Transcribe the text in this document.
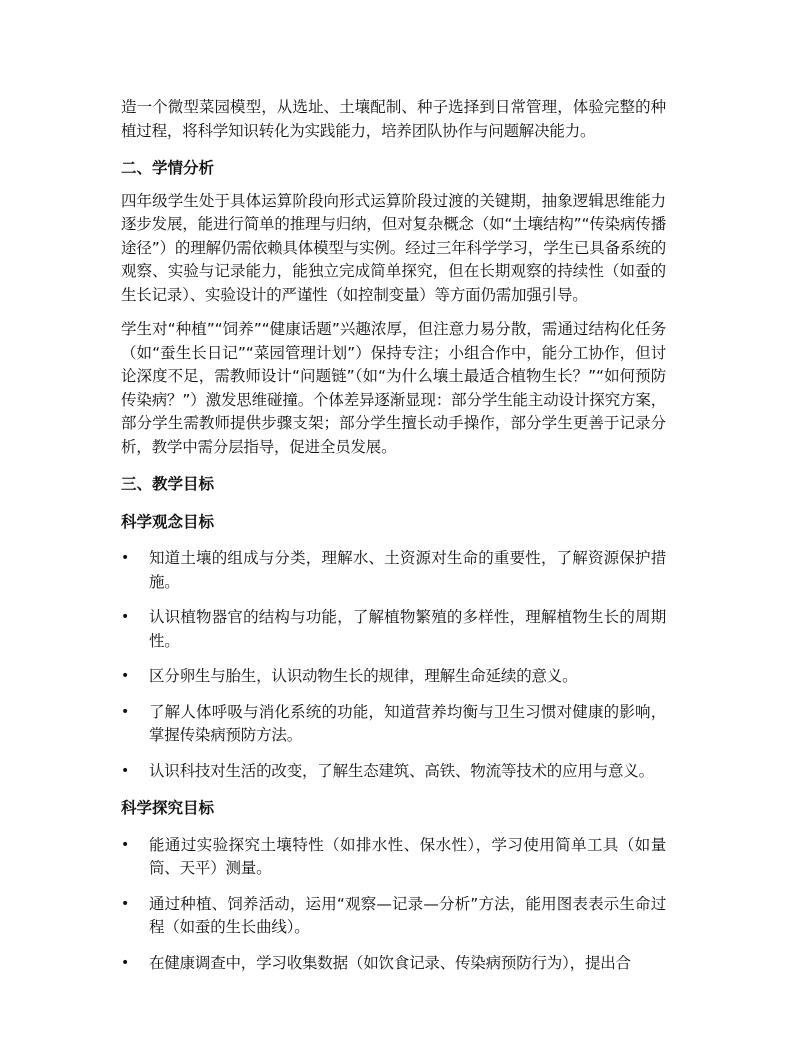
造一个微型菜园模型，从选址、土壤配制、种子选择到日常管理，体验完整的种植过程，将科学知识转化为实践能力，培养团队协作与问题解决能力。

二、学情分析

四年级学生处于具体运算阶段向形式运算阶段过渡的关键期，抽象逻辑思维能力逐步发展，能进行简单的推理与归纳，但对复杂概念（如“土壤结构”“传染病传播途径”）的理解仍需依赖具体模型与实例。经过三年科学学习，学生已具备系统的观察、实验与记录能力，能独立完成简单探究，但在长期观察的持续性（如蚕的生长记录）、实验设计的严谨性（如控制变量）等方面仍需加强引导。

学生对“种植”“饲养”“健康话题”兴趣浓厚，但注意力易分散，需通过结构化任务（如“蚕生长日记”“菜园管理计划”）保持专注；小组合作中，能分工协作，但讨论深度不足，需教师设计“问题链”（如“为什么壤土最适合植物生长？”“如何预防传染病？”）激发思维碰撞。个体差异逐渐显现：部分学生能主动设计探究方案，部分学生需教师提供步骤支架；部分学生擅长动手操作，部分学生更善于记录分析，教学中需分层指导，促进全员发展。

三、教学目标
科学观念目标
• 知道土壤的组成与分类，理解水、土资源对生命的重要性，了解资源保护措施。
• 认识植物器官的结构与功能，了解植物繁殖的多样性，理解植物生长的周期性。
• 区分卵生与胎生，认识动物生长的规律，理解生命延续的意义。
• 了解人体呼吸与消化系统的功能，知道营养均衡与卫生习惯对健康的影响，掌握传染病预防方法。
• 认识科技对生活的改变，了解生态建筑、高铁、物流等技术的应用与意义。
科学探究目标
• 能通过实验探究土壤特性（如排水性、保水性），学习使用简单工具（如量筒、天平）测量。
• 通过种植、饲养活动，运用“观察—记录—分析”方法，能用图表表示生命过程（如蚕的生长曲线）。
• 在健康调查中，学习收集数据（如饮食记录、传染病预防行为），提出合
